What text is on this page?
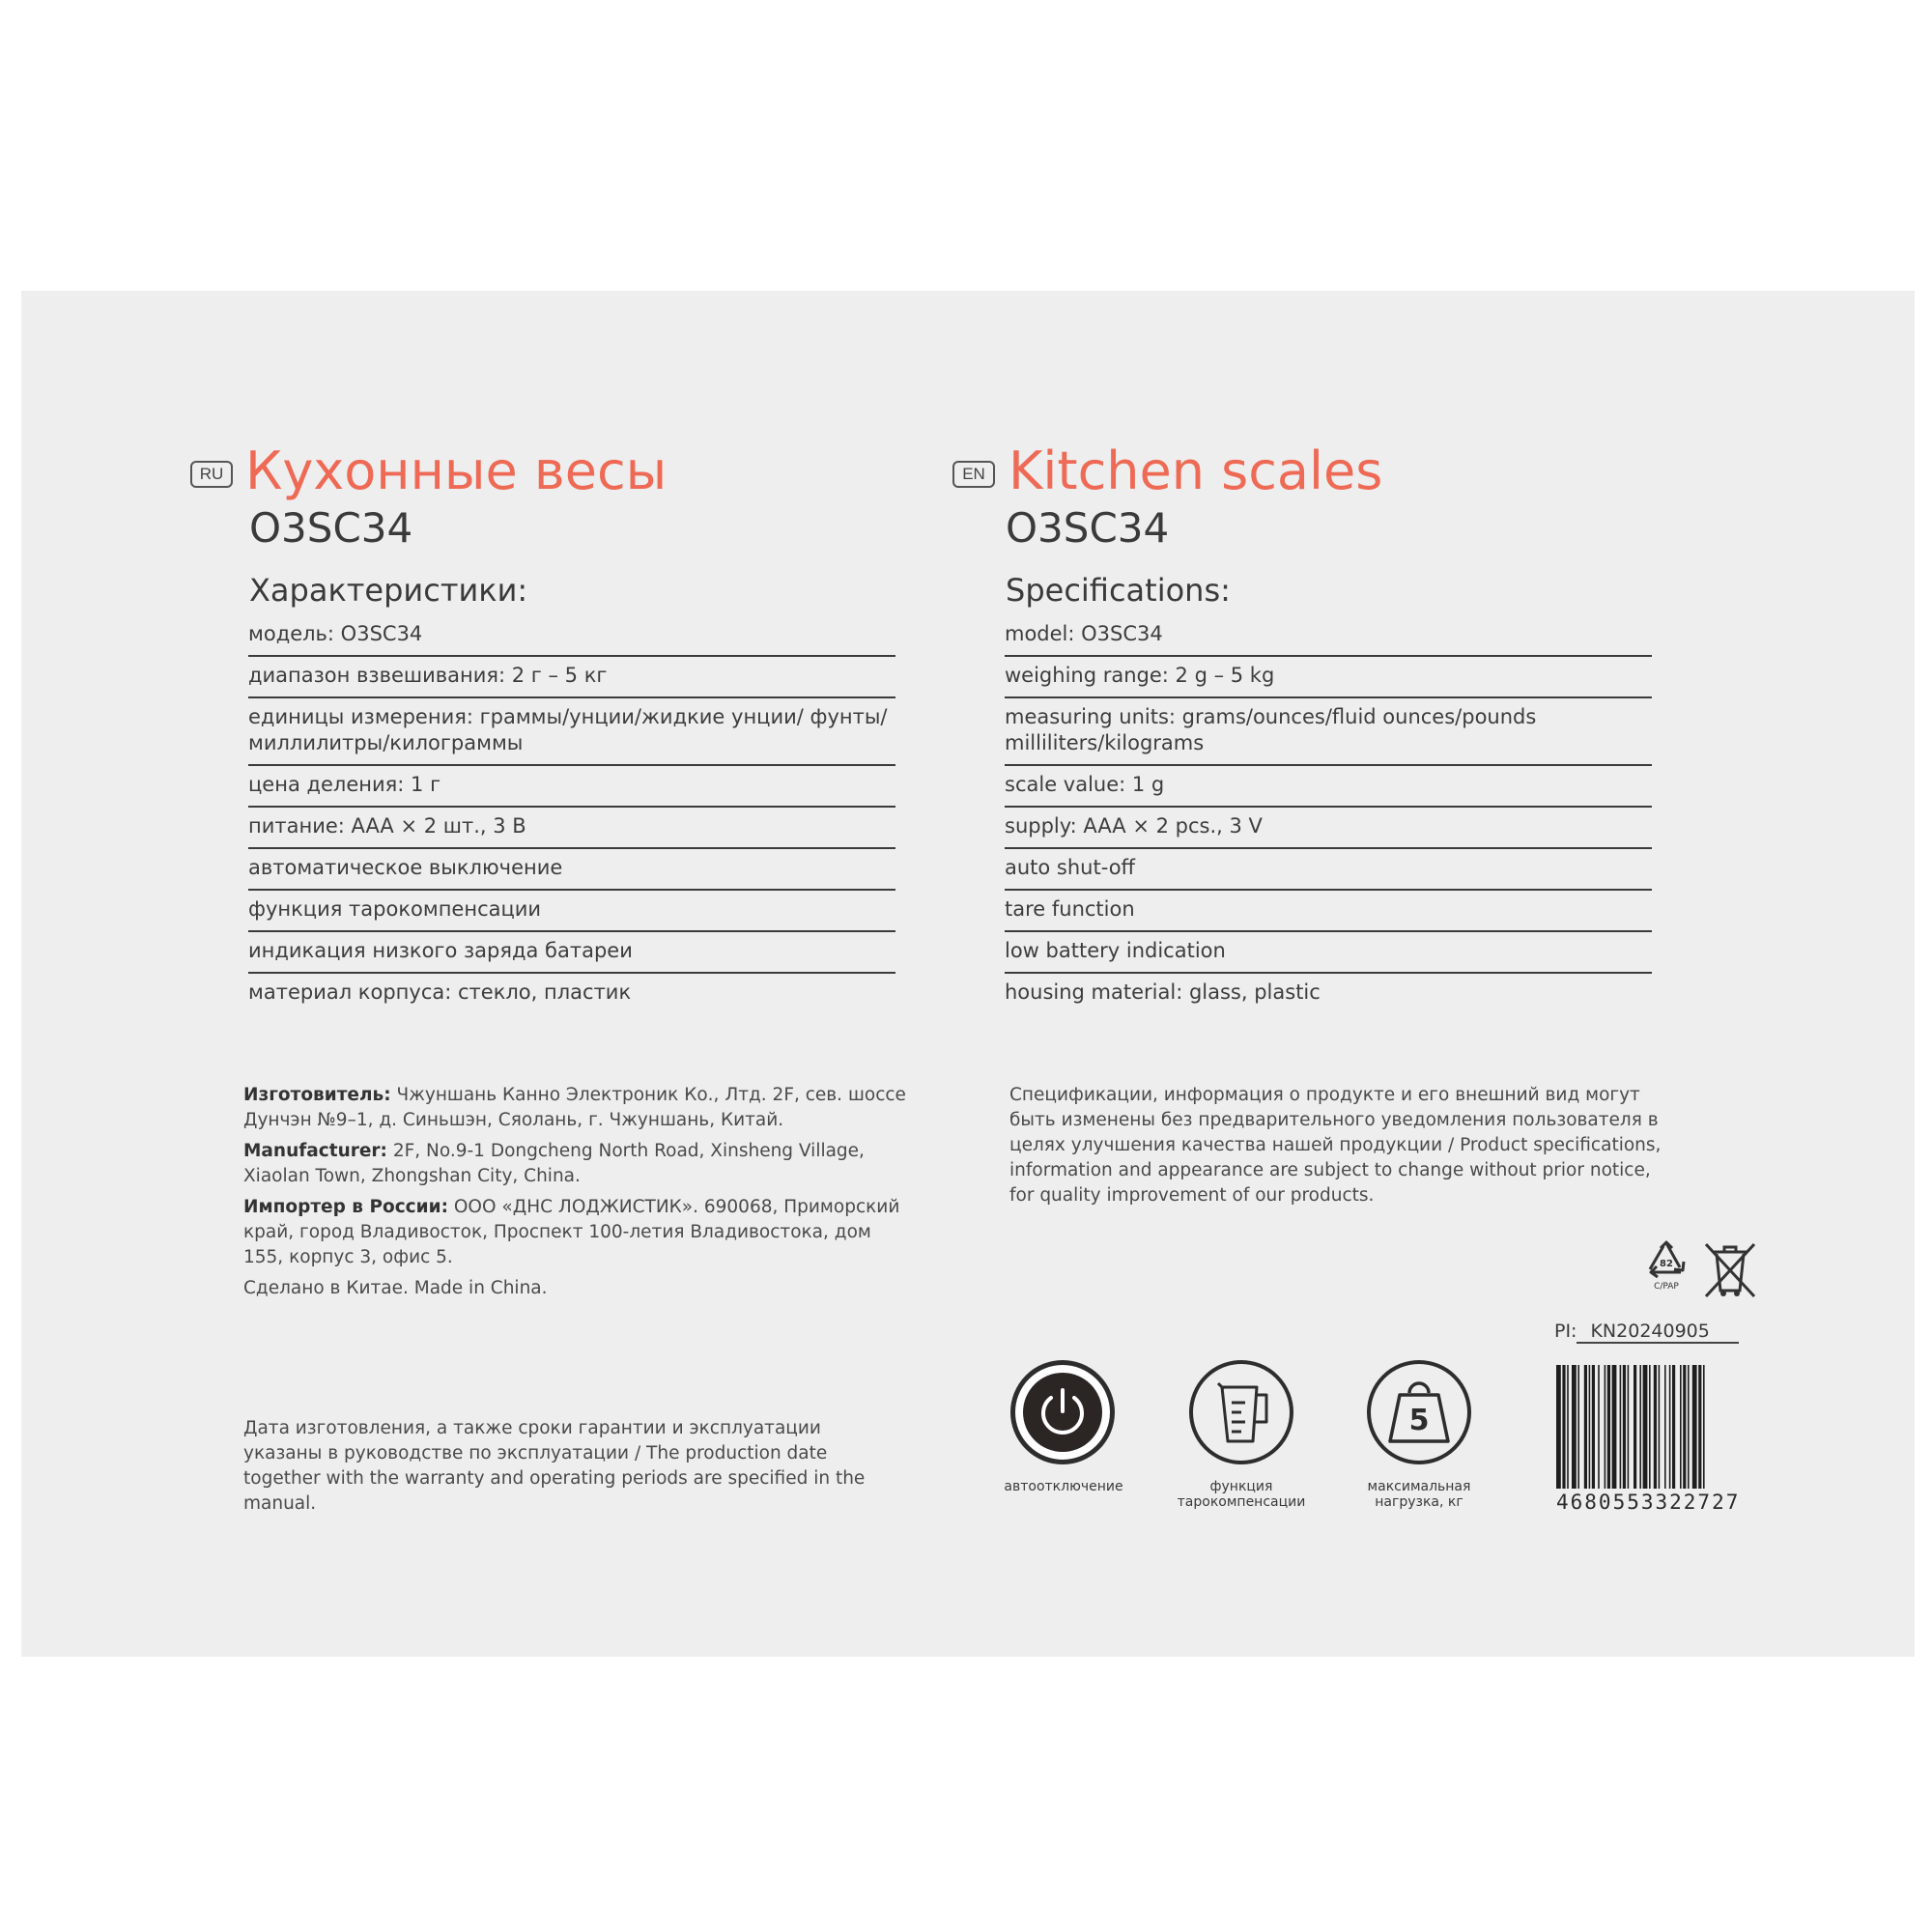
RU Кухонные весы
O3SC34
Характеристики:
модель: O3SC34
диапазон взвешивания: 2 г – 5 кг
единицы измерения: граммы/унции/жидкие унции/ фунты/миллилитры/килограммы
цена деления: 1 г
питание: AAA × 2 шт., 3 В
автоматическое выключение
функция тарокомпенсации
индикация низкого заряда батареи
материал корпуса: стекло, пластик
EN Kitchen scales
O3SC34
Specifications:
model: O3SC34
weighing range: 2 g – 5 kg
measuring units: grams/ounces/fluid ounces/pounds milliliters/kilograms
scale value: 1 g
supply: AAA × 2 pcs., 3 V
auto shut-off
tare function
low battery indication
housing material: glass, plastic

Изготовитель: Чжуншань Канно Электроник Ко., Лтд. 2F, сев. шоссе Дунчэн №9–1, д. Синьшэн, Сяолань, г. Чжуншань, Китай.

Manufacturer: 2F, No.9-1 Dongcheng North Road, Xinsheng Village, Xiaolan Town, Zhongshan City, China.

Импортер в России: ООО «ДНС ЛОДЖИСТИК». 690068, Приморский край, город Владивосток, Проспект 100-летия Владивостока, дом 155, корпус 3, офис 5.

Сделано в Китае. Made in China.

Спецификации, информация о продукте и его внешний вид могут быть изменены без предварительного уведомления пользователя в целях улучшения качества нашей продукции / Product specifications, information and appearance are subject to change without prior notice, for quality improvement of our products.
Дата изготовления, а также сроки гарантии и эксплуатации указаны в руководстве по эксплуатации / The production date together with the warranty and operating periods are specified in the manual.
82
C/PAP
PI: KN20240905
автоотключение	функция тарокомпенсации
5
максимальная нагрузка, кг	4680553322727
